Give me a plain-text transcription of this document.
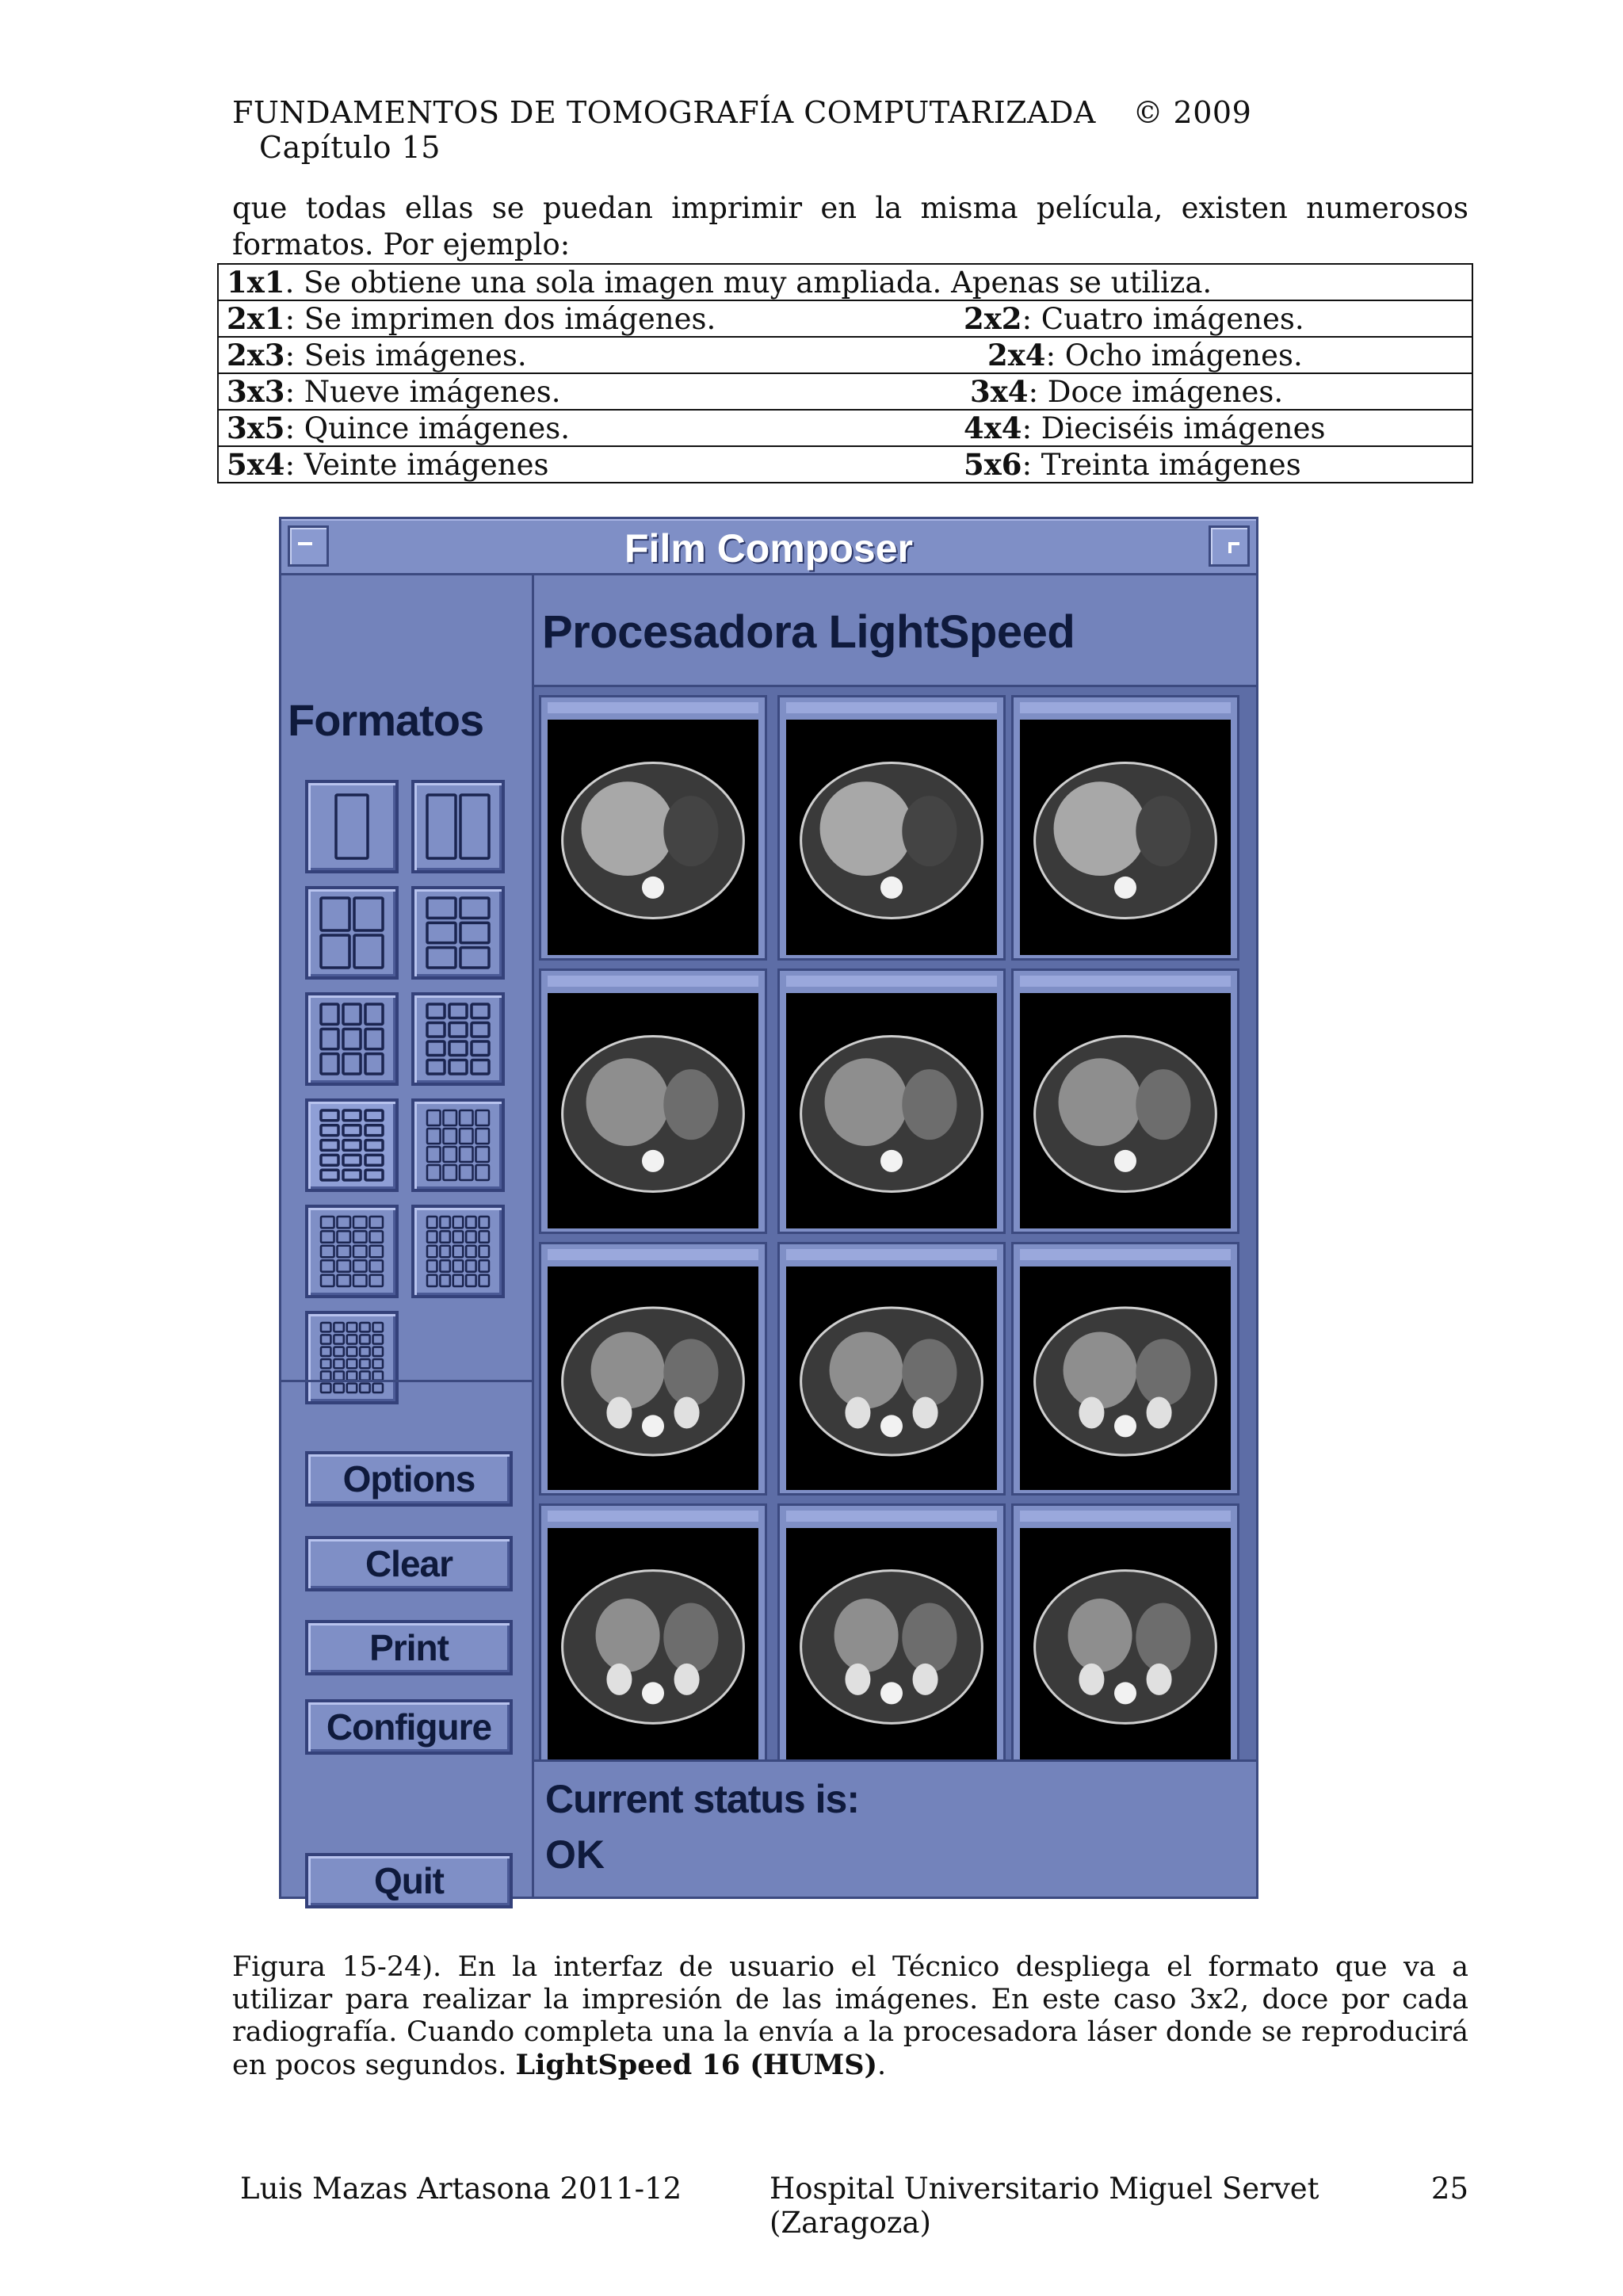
FUNDAMENTOS DE TOMOGRAFÍA COMPUTARIZADA © 2009 Capítulo 15
que todas ellas se puedan imprimir en la misma película, existen numerosos formatos. Por ejemplo:
1x1. Se obtiene una sola imagen muy ampliada. Apenas se utiliza.	
2x1: Se imprimen dos imágenes.	2x2: Cuatro imágenes.
2x3: Seis imágenes.	2x4: Ocho imágenes.
3x3: Nueve imágenes.	3x4: Doce imágenes.
3x5: Quince imágenes.	4x4: Dieciséis imágenes
5x4: Veinte imágenes	5x6: Treinta imágenes
Film Composer
Formatos
Options
Clear
Print
Configure
Quit
Procesadora LightSpeed
Current status is:
OK
Figura 15-24). En la interfaz de usuario el Técnico despliega el formato que va a utilizar para realizar la impresión de las imágenes. En este caso 3x2, doce por cada radiografía. Cuando completa una la envía a la procesadora láser donde se reproducirá en pocos segundos. LightSpeed 16 (HUMS).
Luis Mazas Artasona 2011-12	Hospital Universitario Miguel Servet (Zaragoza)
25
